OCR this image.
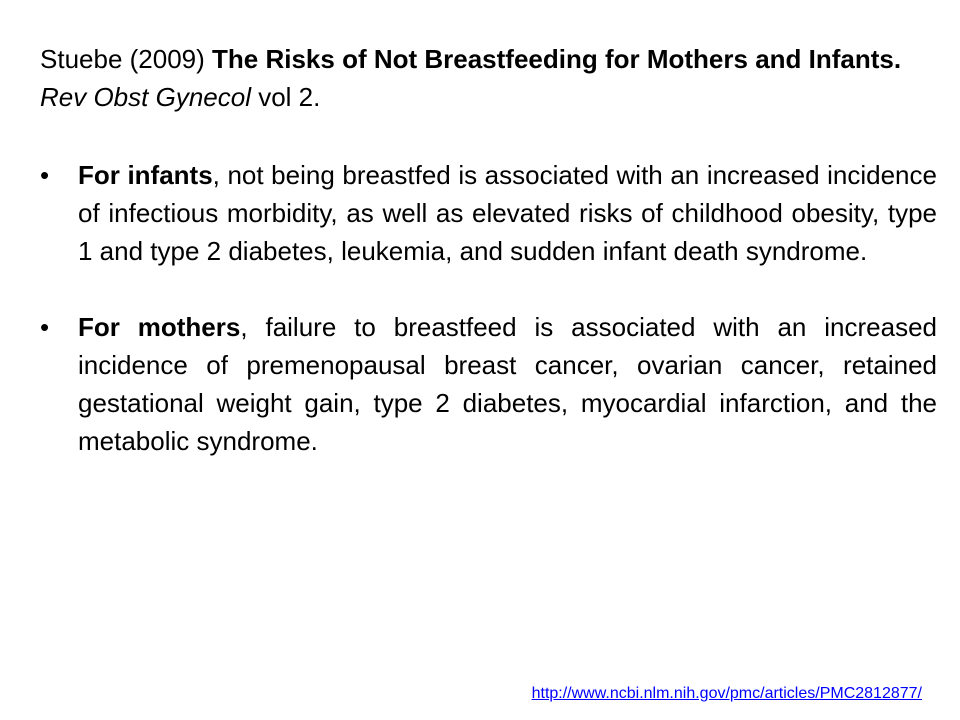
Stuebe (2009) The Risks of Not Breastfeeding for Mothers and Infants. Rev Obst Gynecol vol 2.

•	For infants, not being breastfed is associated with an increased incidence of infectious morbidity, as well as elevated risks of childhood obesity, type 1 and type 2 diabetes, leukemia, and sudden infant death syndrome.
•	For mothers, failure to breastfeed is associated with an increased incidence of premenopausal breast cancer, ovarian cancer, retained gestational weight gain, type 2 diabetes, myocardial infarction, and the metabolic syndrome.
http://www.ncbi.nlm.nih.gov/pmc/articles/PMC2812877/
